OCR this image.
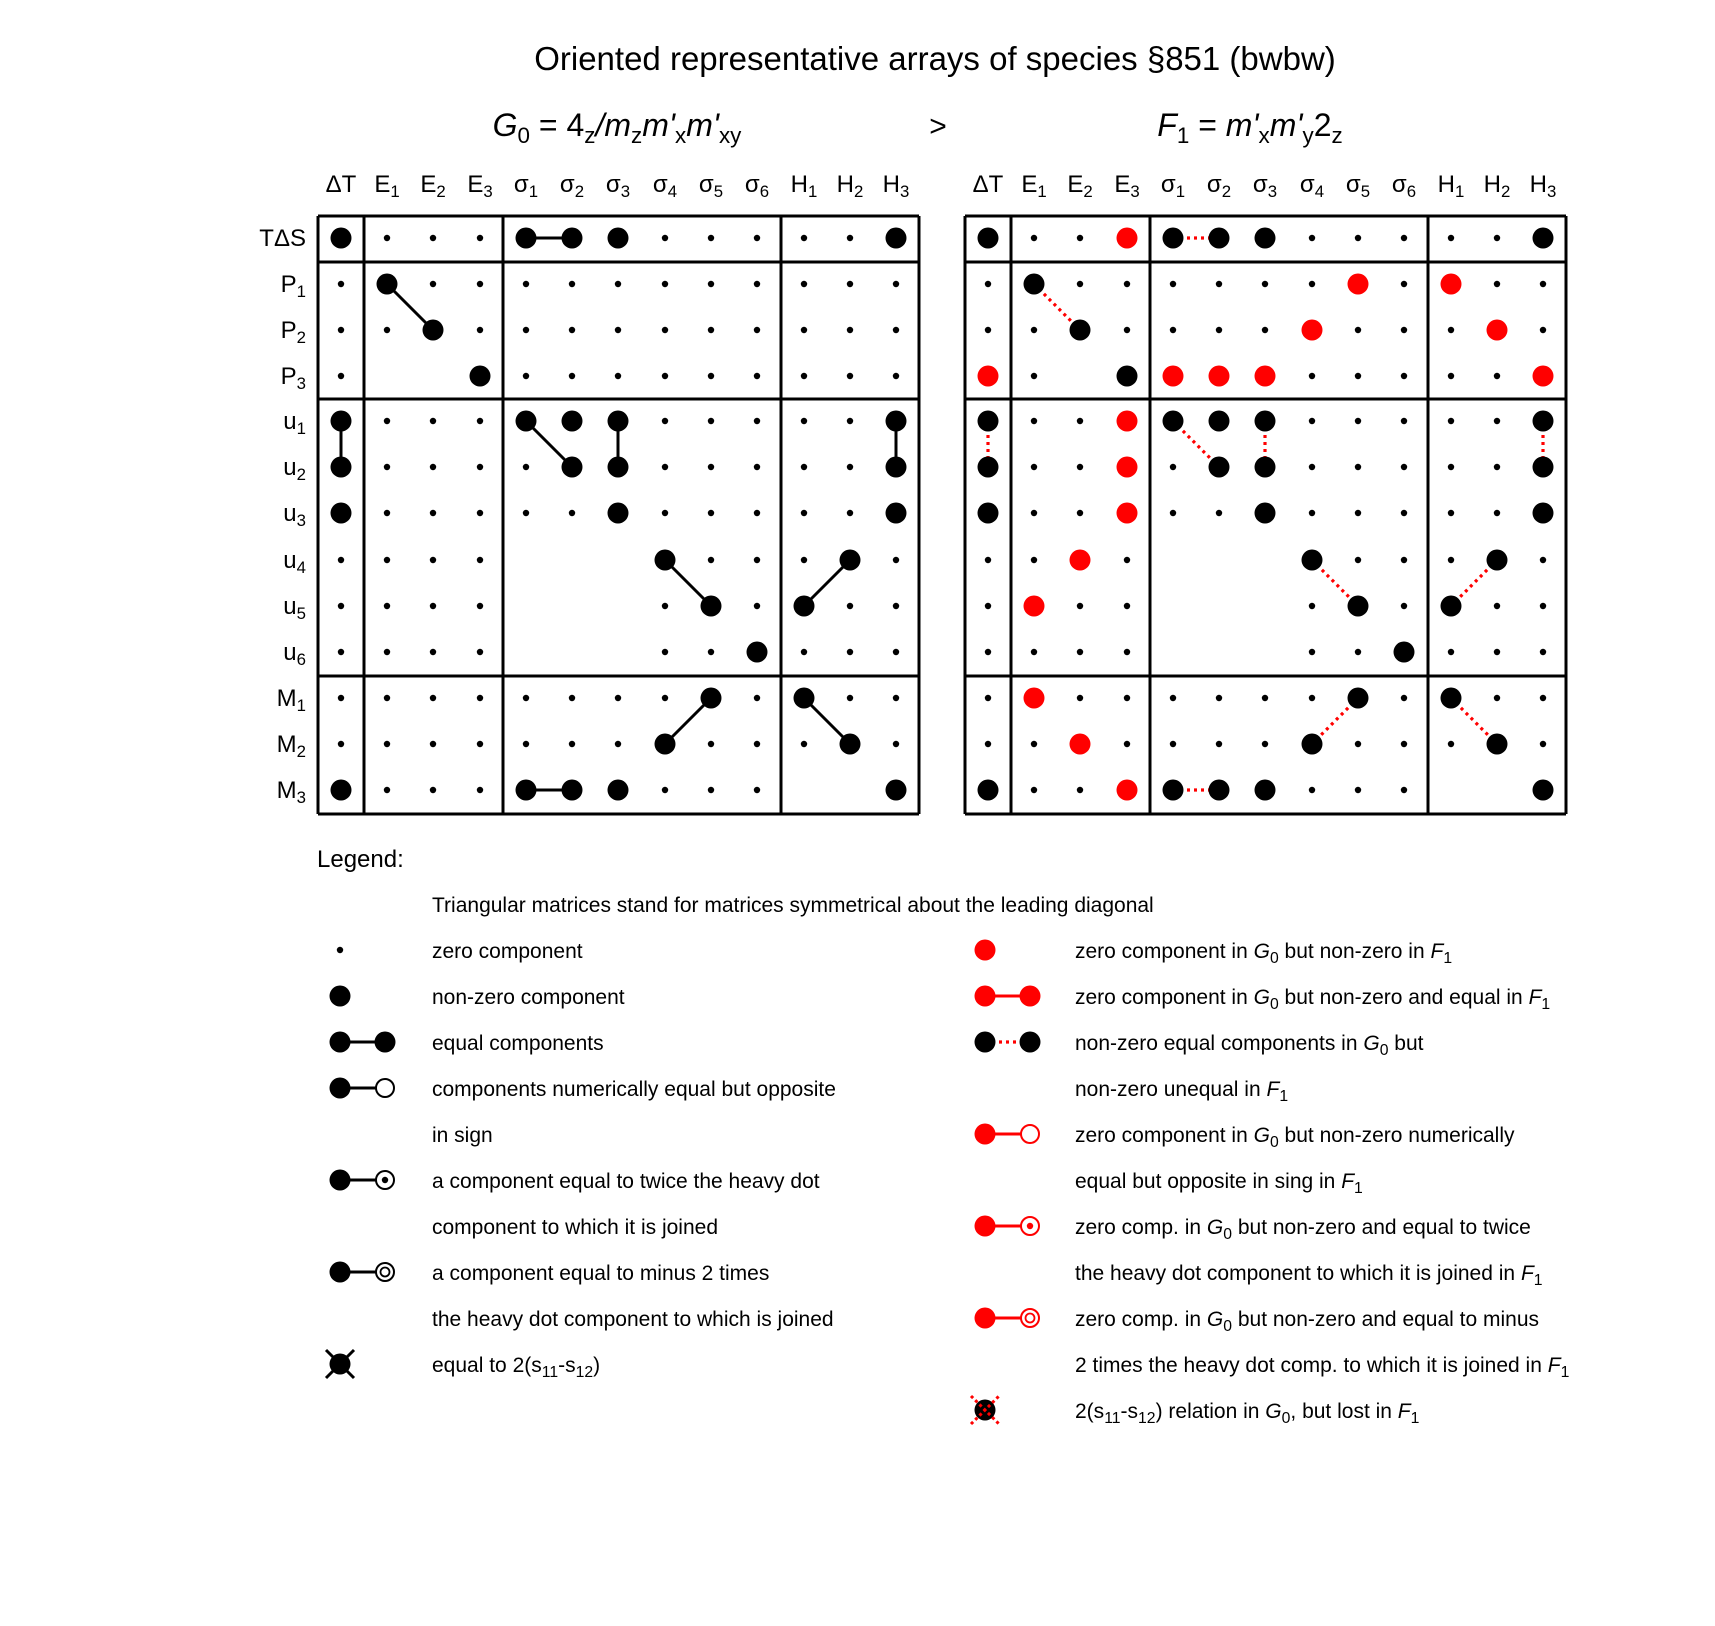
Oriented representative arrays of species §851 (bwbw)
G0 = 4z/mzm'xm'xy	>	F1 = m'xm'y2z
ΔT E1 E2 E3 σ1 σ2 σ3 σ4 σ5 σ6 H1 H2 H3
TΔS
P1
P2
P3
u1
u2
u3
u4
u5
u6
M1
M2
M3
ΔT E1 E2 E3 σ1 σ2 σ3 σ4 σ5 σ6 H1 H2 H3
Legend:
Triangular matrices stand for matrices symmetrical about the leading diagonal
zero component
non-zero component
equal components
components numerically equal but opposite
in sign
a component equal to twice the heavy dot
component to which it is joined
a component equal to minus 2 times
the heavy dot component to which is joined
equal to 2(s11-s12)
zero component in G0 but non-zero in F1
zero component in G0 but non-zero and equal in F1
non-zero equal components in G0 but
non-zero unequal in F1
zero component in G0 but non-zero numerically
equal but opposite in sing in F1
zero comp. in G0 but non-zero and equal to twice
the heavy dot component to which it is joined in F1
zero comp. in G0 but non-zero and equal to minus
2 times the heavy dot comp. to which it is joined in F1
2(s11-s12) relation in G0, but lost in F1
